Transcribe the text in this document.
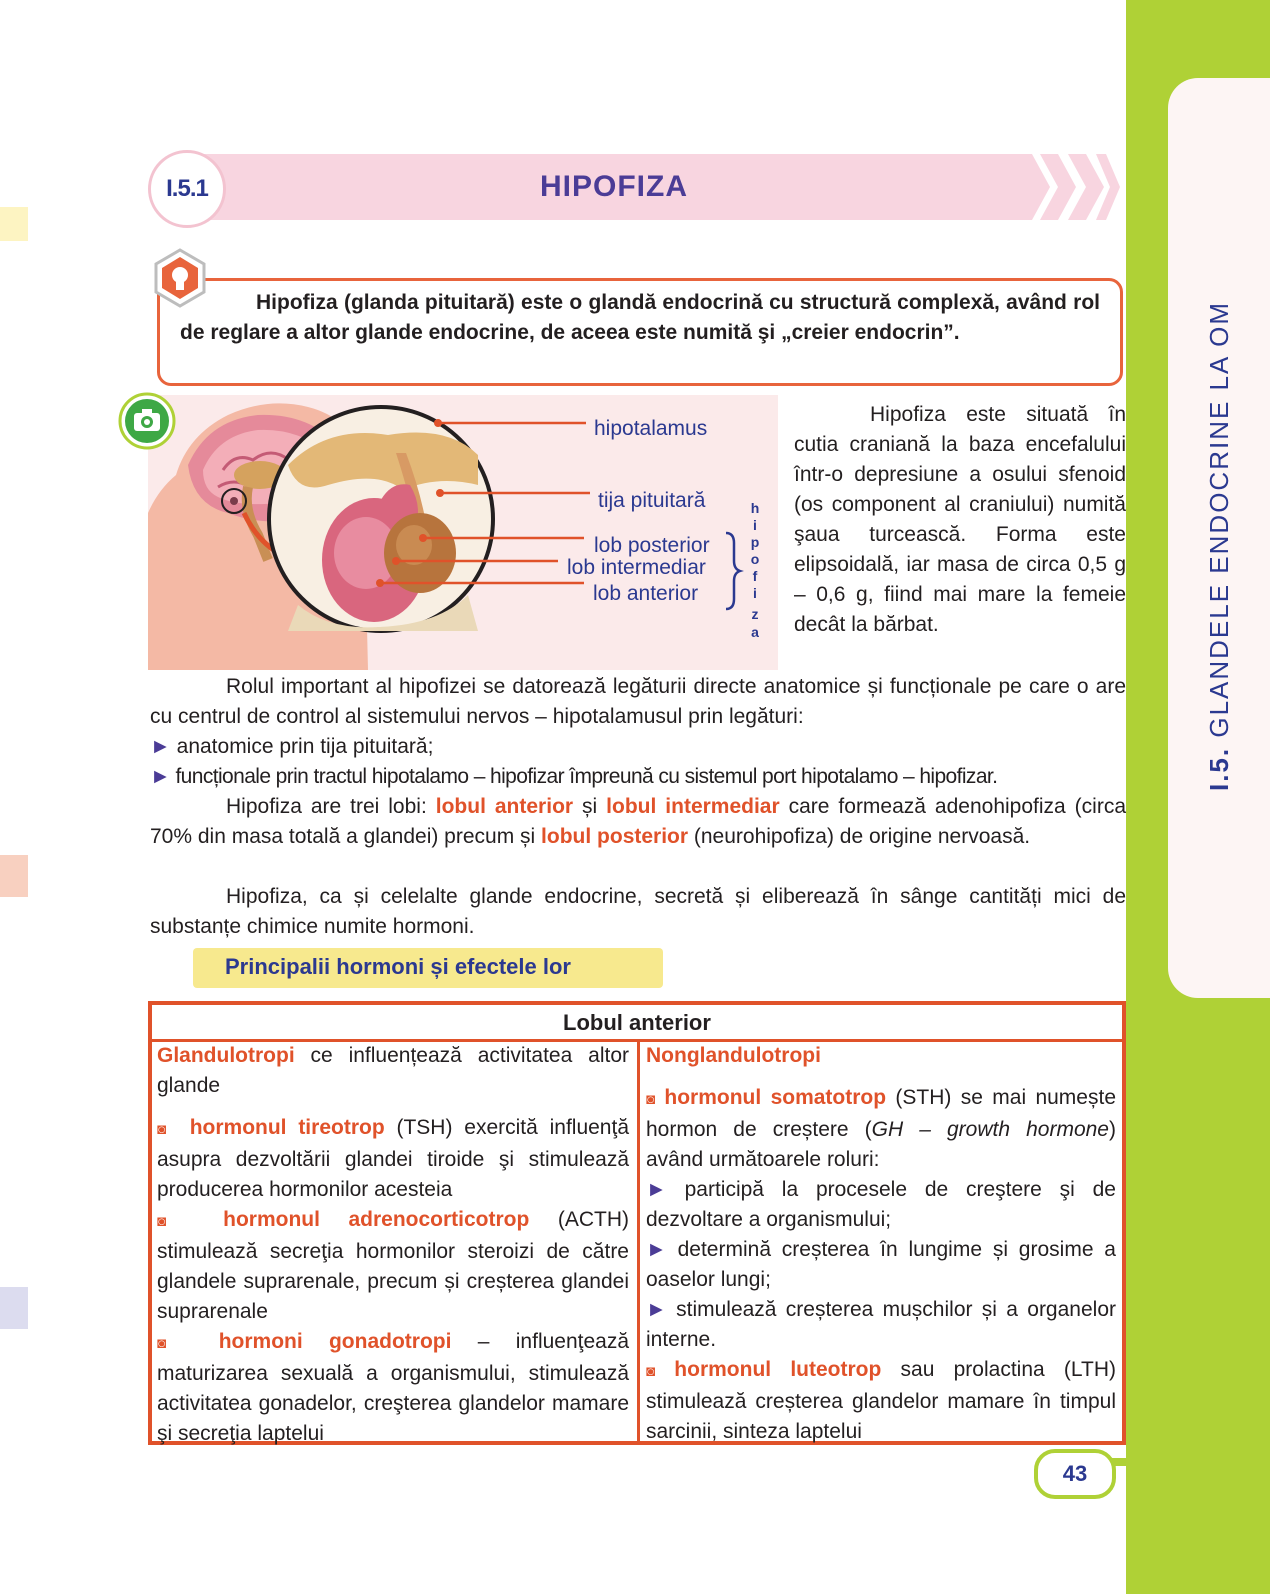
I.5. GLANDELE ENDOCRINE LA OM
I.5.1	HIPOFIZA
Hipofiza (glanda pituitară) este o glandă endocrină cu structură complexă, având rol de reglare a altor glande endocrine, de aceea este numită şi „creier endocrin”.
hipotalamus
tija pituitară
lob posterior
lob intermediar
lob anterior
h
i
p
o
f
i
z
a
Hipofiza este situată în cutia craniană la baza encefalului într-o depresiune a osului sfenoid (os component al craniului) numită şaua turcească. Forma este elipsoidală, iar masa de circa 0,5 g – 0,6 g, fiind mai mare la femeie decât la bărbat.
Rolul important al hipofizei se datorează legăturii directe anatomice și funcționale pe care o are cu centrul de control al sistemului nervos – hipotalamusul prin legături:
► anatomice prin tija pituitară;
► funcționale prin tractul hipotalamo – hipofizar împreună cu sistemul port hipotalamo – hipofizar.
Hipofiza are trei lobi: lobul anterior și lobul intermediar care formează adenohipofiza (circa 70% din masa totală a glandei) precum și lobul posterior (neurohipofiza) de origine nervoasă.
Hipofiza, ca și celelalte glande endocrine, secretă și eliberează în sânge cantități mici de substanțe chimice numite hormoni.
Principalii hormoni și efectele lor
Lobul anterior
Glandulotropi ce influențează activitatea altor glande
◙ hormonul tireotrop (TSH) exercită influenţă asupra dezvoltării glandei tiroide şi stimulează producerea hormonilor acesteia
◙	hormonul adrenocorticotrop (ACTH) stimulează secreţia hormonilor steroizi de către glandele suprarenale, precum și creșterea glandei suprarenale
◙	hormoni gonadotropi – influenţează maturizarea sexuală a organismului, stimulează activitatea gonadelor, creşterea glandelor mamare şi secreţia laptelui
Nonglandulotropi
◙ hormonul somatotrop (STH) se mai numește hormon de creștere (GH – growth hormone) având următoarele roluri:
► participă la procesele de creştere şi de dezvoltare a organismului;
► determină creșterea în lungime și grosime a oaselor lungi;
► stimulează creșterea mușchilor și a organelor interne.
◙ hormonul luteotrop sau prolactina (LTH) stimulează creșterea glandelor mamare în timpul sarcinii, sinteza laptelui
43
